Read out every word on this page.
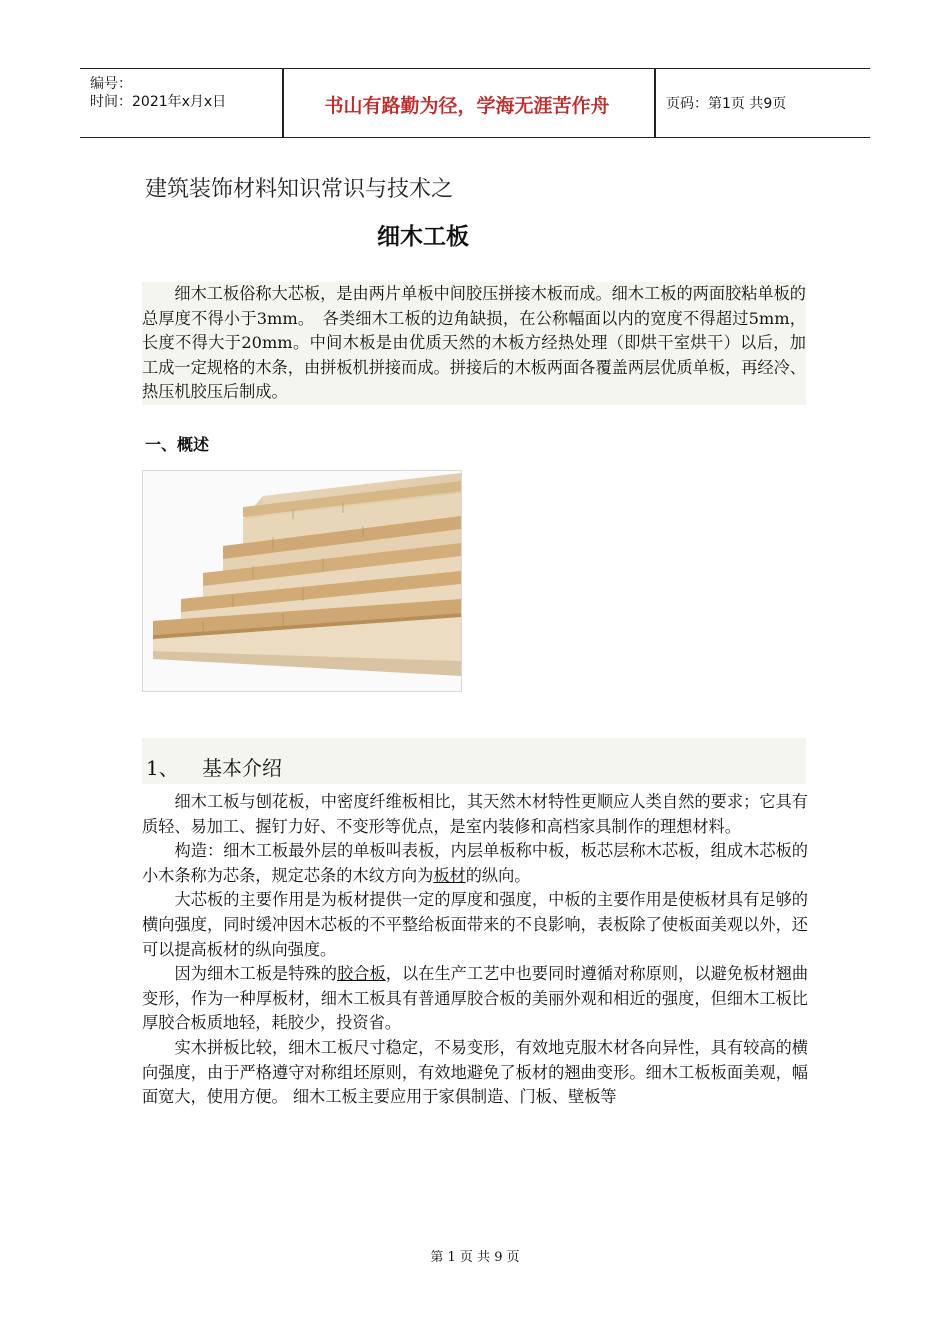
编号：
时间：2021年x月x日	书山有路勤为径，学海无涯苦作舟	页码：第1页 共9页
建筑装饰材料知识常识与技术之
细木工板

　　细木工板俗称大芯板，是由两片单板中间胶压拼接木板而成。细木工板的两面胶粘单板的总厚度不得小于3mm。　各类细木工板的边角缺损，在公称幅面以内的宽度不得超过5mm，长度不得大于20mm。中间木板是由优质天然的木板方经热处理（即烘干室烘干）以后，加工成一定规格的木条，由拼板机拼接而成。拼接后的木板两面各覆盖两层优质单板，再经冷、热压机胶压后制成。

一、概述
1、 基本介绍

　　细木工板与刨花板，中密度纤维板相比，其天然木材特性更顺应人类自然的要求；它具有质轻、易加工、握钉力好、不变形等优点，是室内装修和高档家具制作的理想材料。

　　构造：细木工板最外层的单板叫表板，内层单板称中板，板芯层称木芯板，组成木芯板的小木条称为芯条，规定芯条的木纹方向为板材的纵向。

　　大芯板的主要作用是为板材提供一定的厚度和强度，中板的主要作用是使板材具有足够的横向强度，同时缓冲因木芯板的不平整给板面带来的不良影响，表板除了使板面美观以外，还可以提高板材的纵向强度。

　　因为细木工板是特殊的胶合板，以在生产工艺中也要同时遵循对称原则，以避免板材翘曲变形，作为一种厚板材，细木工板具有普通厚胶合板的美丽外观和相近的强度，但细木工板比厚胶合板质地轻，耗胶少，投资省。

　　实木拼板比较，细木工板尺寸稳定，不易变形，有效地克服木材各向异性，具有较高的横向强度，由于严格遵守对称组坯原则，有效地避免了板材的翘曲变形。细木工板板面美观，幅面宽大，使用方便。 细木工板主要应用于家俱制造、门板、壁板等

第 1 页 共 9 页
